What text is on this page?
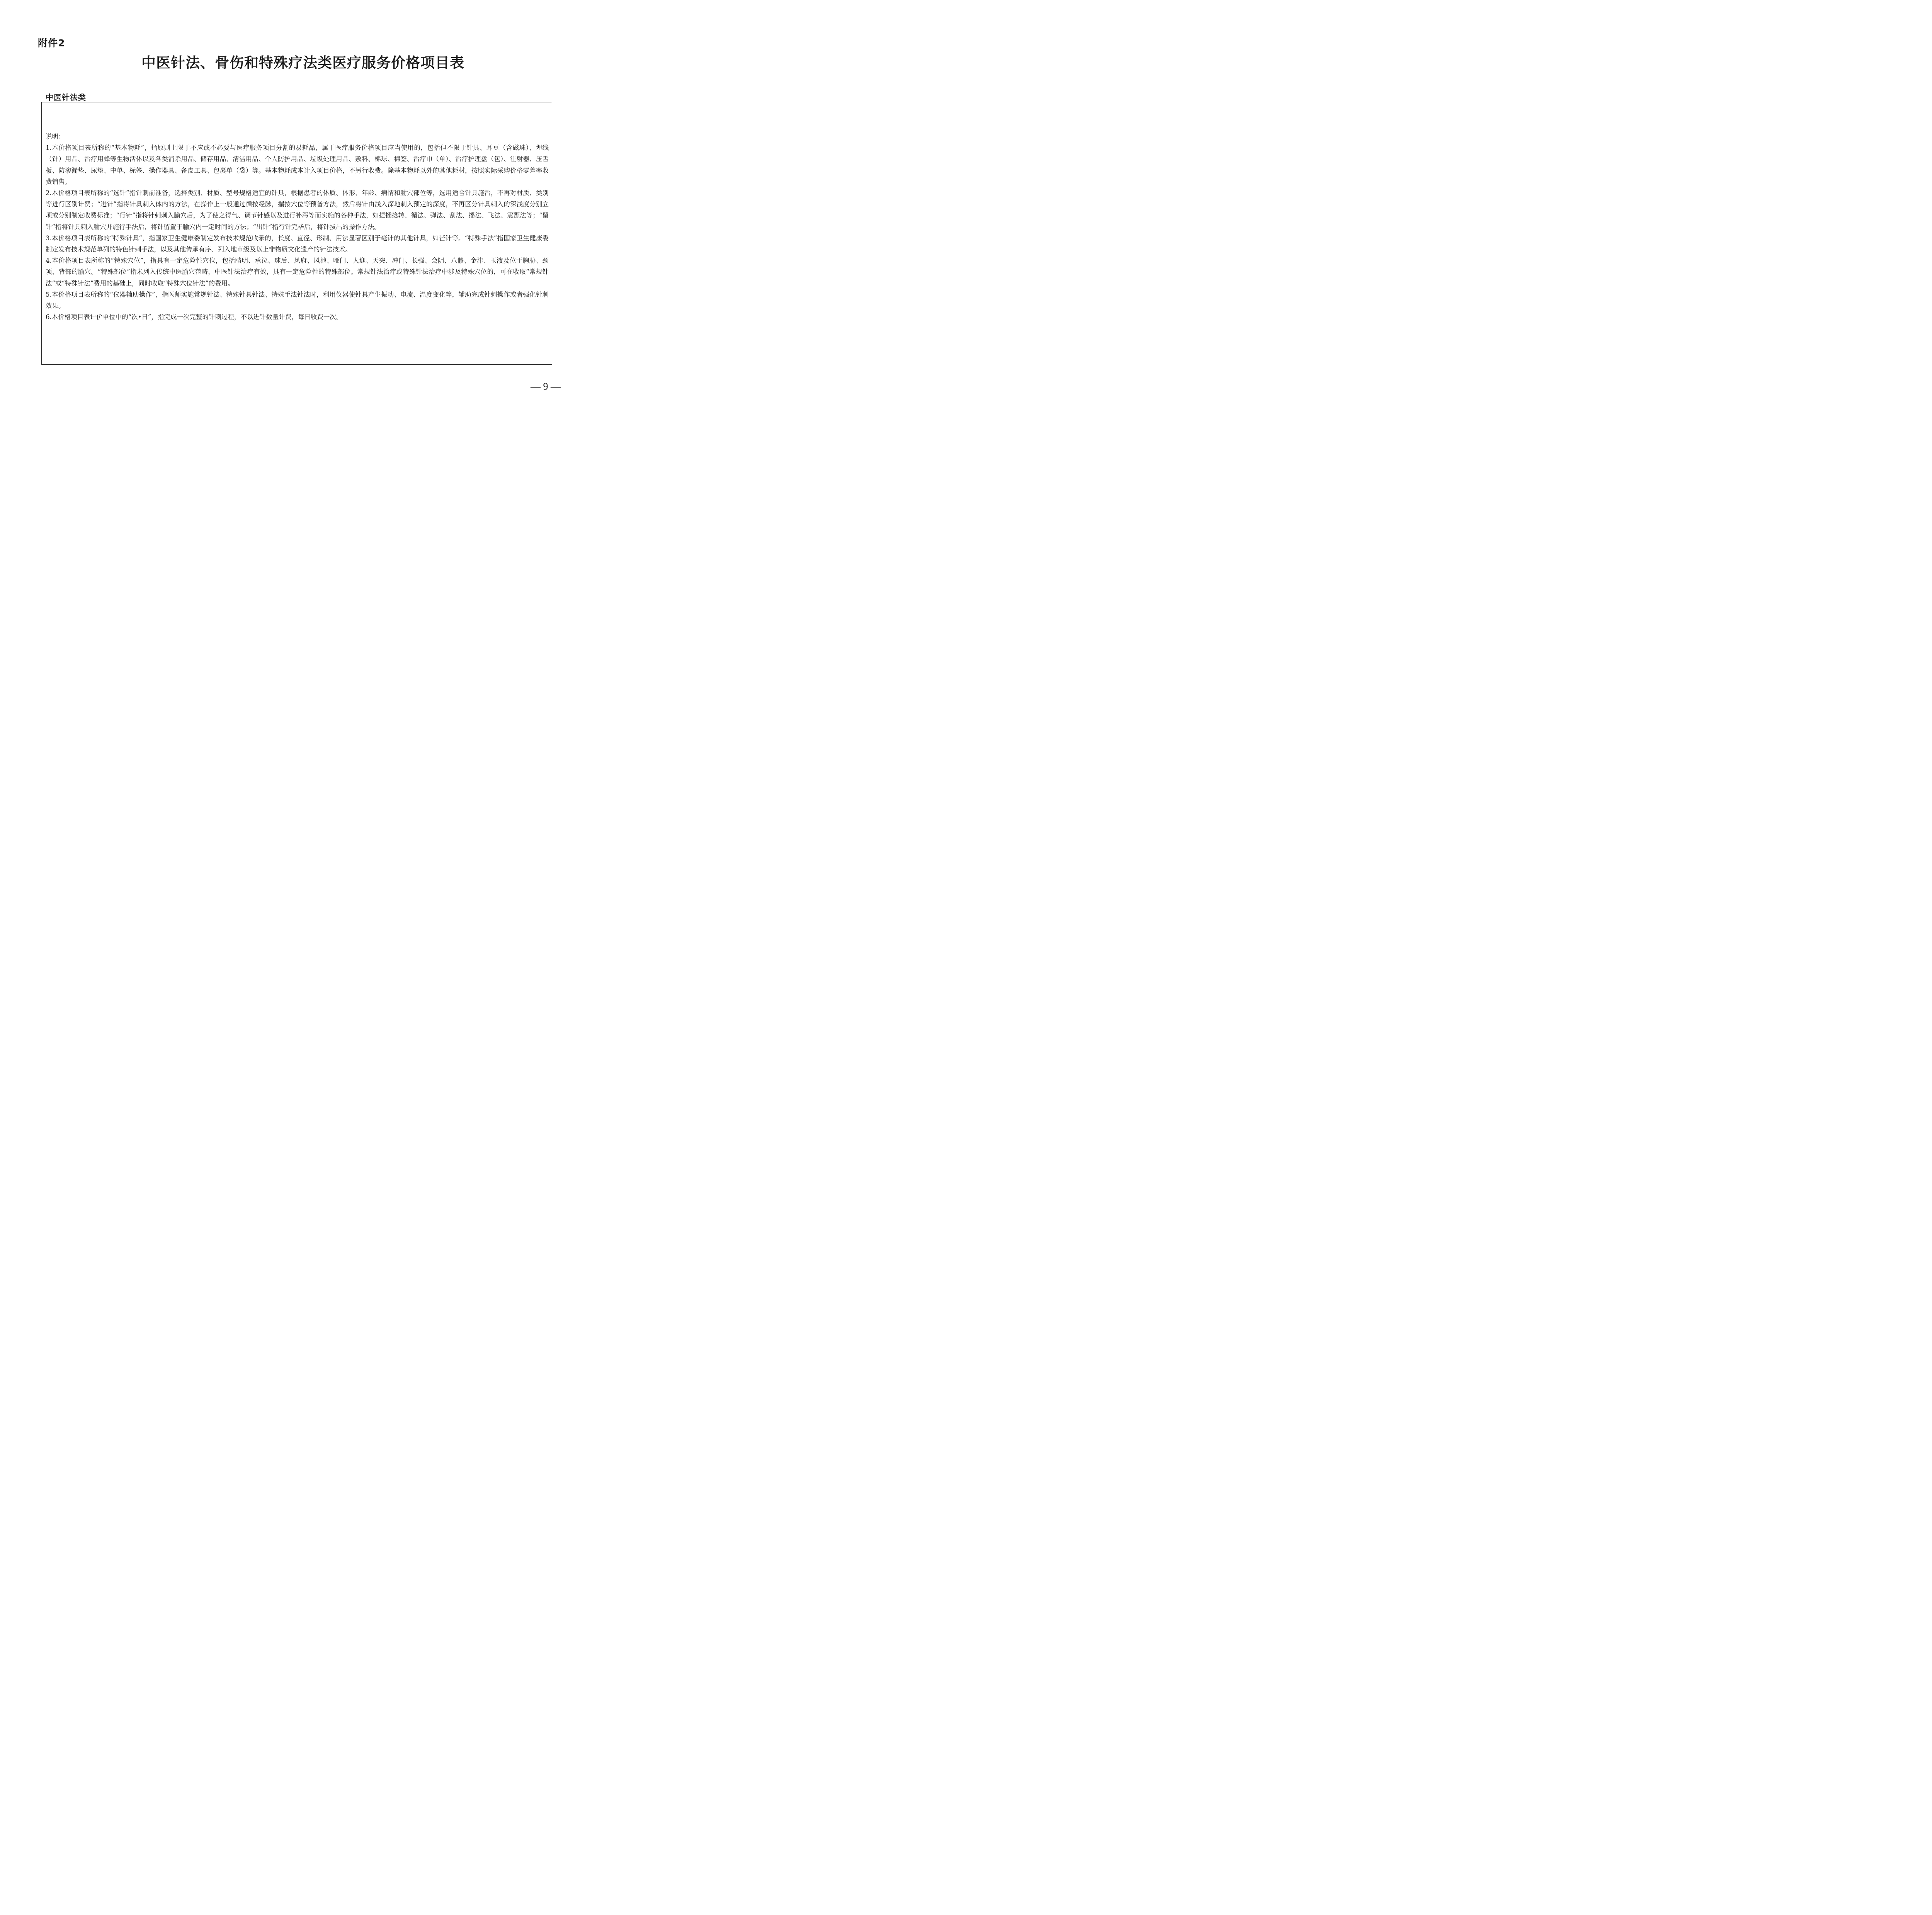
附件2
中医针法、骨伤和特殊疗法类医疗服务价格项目表
中医针法类

说明：

1.本价格项目表所称的“基本物耗”，指原则上限于不应或不必要与医疗服务项目分割的易耗品，属于医疗服务价格项目应当使用的，包括但不限于针具、耳豆（含磁珠）、埋线（针）用品、治疗用蜂等生物活体以及各类消杀用品、储存用品、清洁用品、个人防护用品、垃圾处理用品、敷料、棉球、棉签、治疗巾（单）、治疗护理盘（包）、注射器、压舌板、防渗漏垫、尿垫、中单、标签、操作器具、备皮工具、包裹单（袋）等。基本物耗成本计入项目价格，不另行收费。除基本物耗以外的其他耗材，按照实际采购价格零差率收费销售。

2.本价格项目表所称的“选针”指针刺前准备，选择类别、材质、型号规格适宜的针具，根据患者的体质、体形、年龄、病情和腧穴部位等，选用适合针具施治，不再对材质、类别等进行区别计费；“进针”指将针具刺入体内的方法，在操作上一般通过循按经脉，揣按穴位等预备方法，然后将针由浅入深地刺入预定的深度，不再区分针具刺入的深浅度分别立项或分别制定收费标准；“行针”指将针刺刺入腧穴后，为了使之得气、调节针感以及进行补泻等而实施的各种手法，如提插捻转、循法、弹法、刮法、摇法、飞法、震颤法等；“留针”指将针具刺入腧穴并施行手法后，将针留置于腧穴内一定时间的方法；“出针”指行针完毕后，将针拔出的操作方法。

3.本价格项目表所称的“特殊针具”，指国家卫生健康委制定发布技术规范收录的，长度、直径、形制、用法显著区别于毫针的其他针具，如芒针等。“特殊手法”指国家卫生健康委制定发布技术规范单列的特色针刺手法，以及其他传承有序、列入地市级及以上非物质文化遗产的针法技术。

4.本价格项目表所称的“特殊穴位”，指具有一定危险性穴位，包括睛明、承泣、球后、风府、风池、哑门、人迎、天突、冲门、长强、会阴、八髎、金津、玉液及位于胸胁、颈项、背部的腧穴。“特殊部位”指未列入传统中医腧穴范畴，中医针法治疗有效，具有一定危险性的特殊部位。常规针法治疗或特殊针法治疗中涉及特殊穴位的，可在收取“常规针法”或“特殊针法”费用的基础上，同时收取“特殊穴位针法”的费用。

5.本价格项目表所称的“仪器辅助操作”，指医师实施常规针法、特殊针具针法、特殊手法针法时，利用仪器使针具产生振动、电流、温度变化等，辅助完成针刺操作或者强化针刺效果。

6.本价格项目表计价单位中的“次•日”，指完成一次完整的针刺过程，不以进针数量计费，每日收费一次。

— 9 —
